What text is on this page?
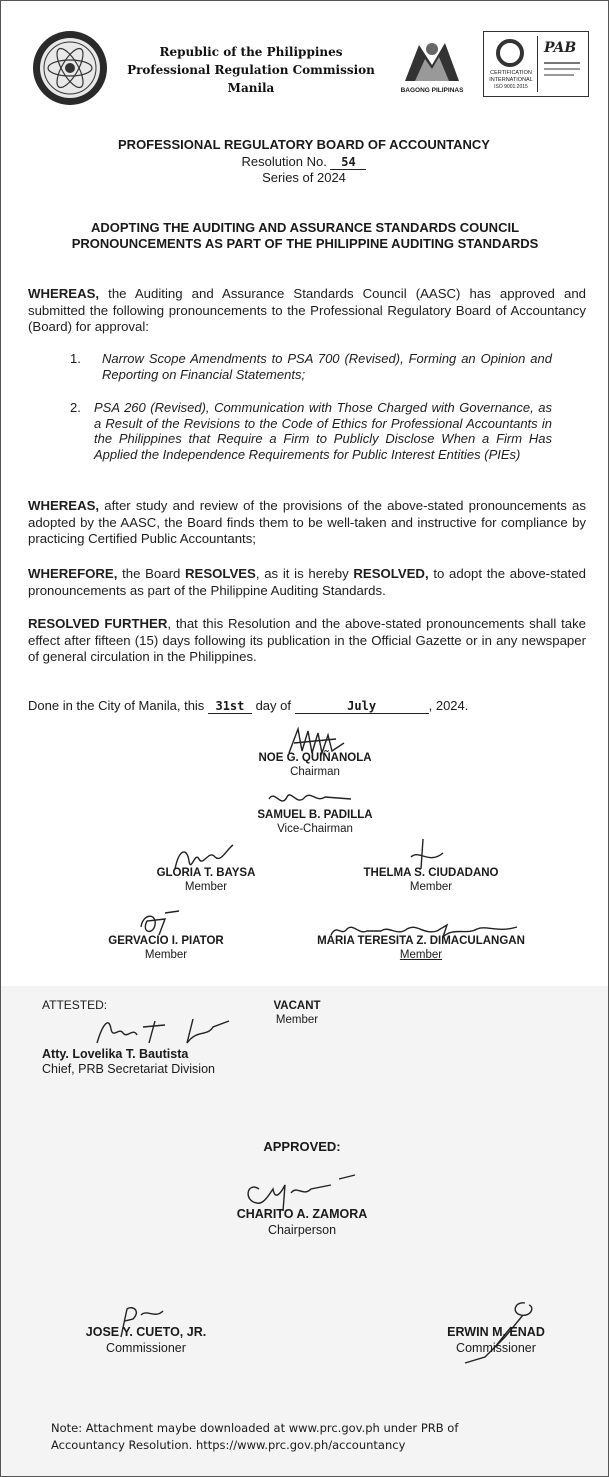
Republic of the Philippines
Professional Regulation Commission
Manila	BAGONG PILIPINAS
CERTIFICATION INTERNATIONAL
ISO 9001:2015
PAB
PROFESSIONAL REGULATORY BOARD OF ACCOUNTANCY
Resolution No. 54
Series of 2024
ADOPTING THE AUDITING AND ASSURANCE STANDARDS COUNCIL
PRONOUNCEMENTS AS PART OF THE PHILIPPINE AUDITING STANDARDS
WHEREAS, the Auditing and Assurance Standards Council (AASC) has approved and submitted the following pronouncements to the Professional Regulatory Board of Accountancy (Board) for approval:
1. Narrow Scope Amendments to PSA 700 (Revised), Forming an Opinion and Reporting on Financial Statements;
2. PSA 260 (Revised), Communication with Those Charged with Governance, as a Result of the Revisions to the Code of Ethics for Professional Accountants in the Philippines that Require a Firm to Publicly Disclose When a Firm Has Applied the Independence Requirements for Public Interest Entities (PIEs)
WHEREAS, after study and review of the provisions of the above-stated pronouncements as adopted by the AASC, the Board finds them to be well-taken and instructive for compliance by practicing Certified Public Accountants;
WHEREFORE, the Board RESOLVES, as it is hereby RESOLVED, to adopt the above-stated pronouncements as part of the Philippine Auditing Standards.
RESOLVED FURTHER, that this Resolution and the above-stated pronouncements shall take effect after fifteen (15) days following its publication in the Official Gazette or in any newspaper of general circulation in the Philippines.
Done in the City of Manila, this 31st day of	July	, 2024.
NOE G. QUIÑANOLA
Chairman
SAMUEL B. PADILLA
Vice-Chairman
GLORIA T. BAYSA
Member
THELMA S. CIUDADANO
Member
GERVACIO I. PIATOR
Member
MARIA TERESITA Z. DIMACULANGAN
Member
ATTESTED:
Atty. Lovelika T. Bautista
Chief, PRB Secretariat Division
VACANT
Member
APPROVED:
CHARITO A. ZAMORA
Chairperson
JOSE Y. CUETO, JR.
Commissioner
ERWIN M. ENAD
Commissioner
Note: Attachment maybe downloaded at www.prc.gov.ph under PRB of
Accountancy Resolution. https://www.prc.gov.ph/accountancy
